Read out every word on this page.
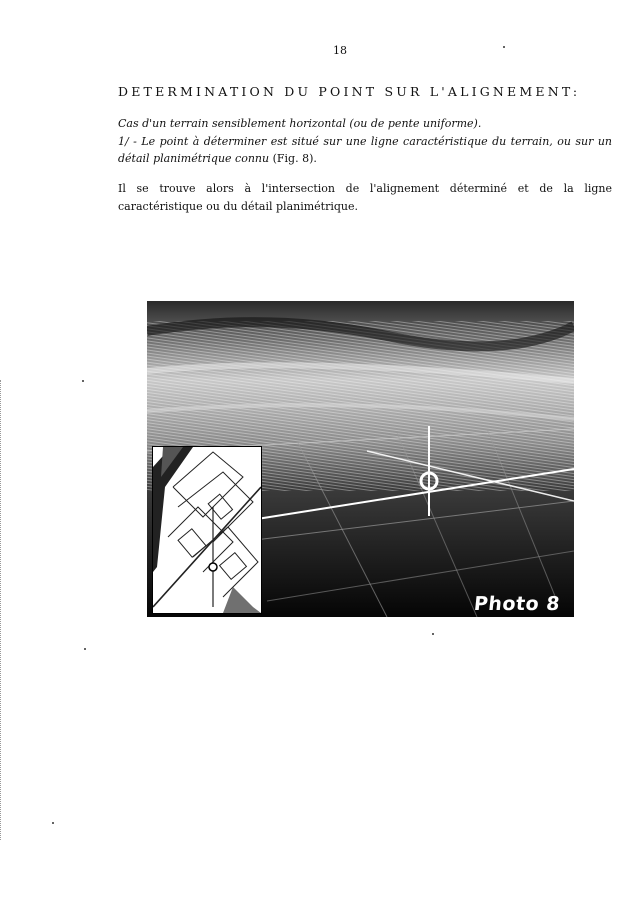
18
DETERMINATION DU POINT SUR L'ALIGNEMENT:
Cas d'un terrain sensiblement horizontal (ou de pente uniforme).
1/ - Le point à déterminer est situé sur une ligne caractéristique du terrain, ou sur un détail planimétrique connu (Fig. 8).
Il se trouve alors à l'intersection de l'alignement déterminé et de la ligne caractéristique ou du détail planimétrique.
Photo 8
